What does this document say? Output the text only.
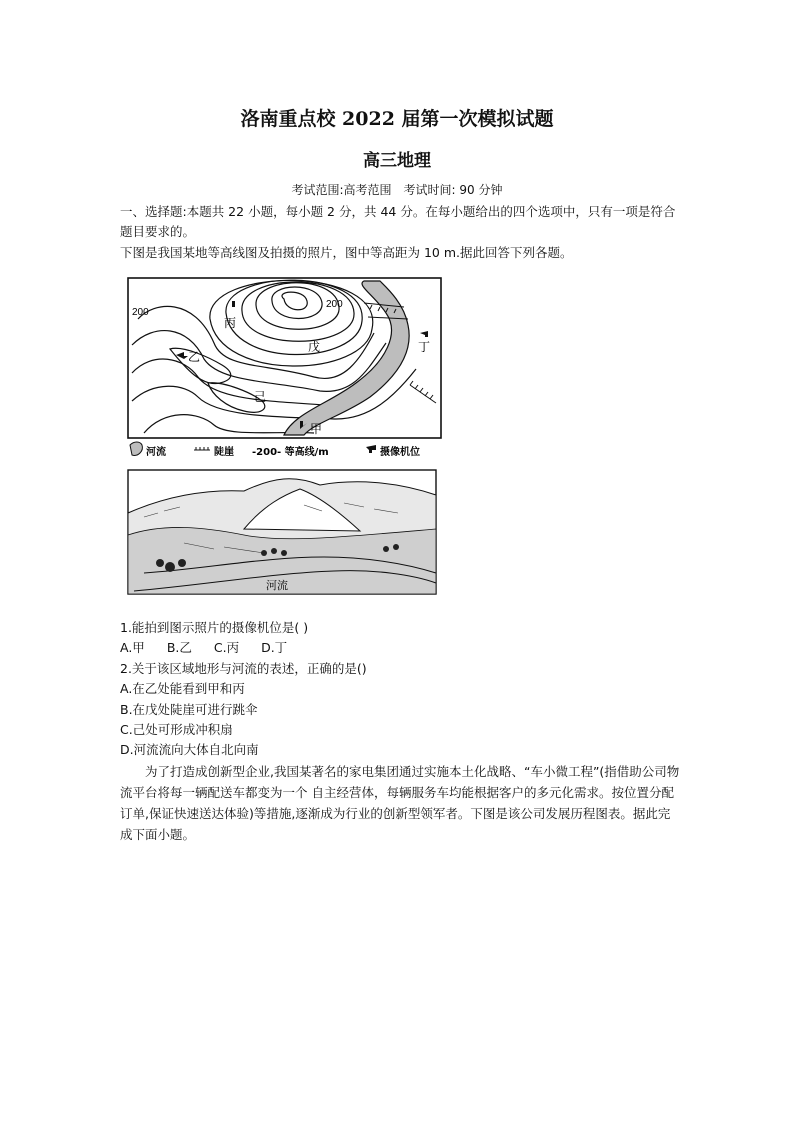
洛南重点校 2022 届第一次模拟试题
高三地理
考试范围:高考范围　考试时间: 90 分钟
一、选择题:本题共 22 小题，每小题 2 分，共 44 分。在每小题给出的四个选项中，只有一项是符合题目要求的。
下图是我国某地等高线图及拍摄的照片，图中等高距为 10 m.据此回答下列各题。
200
200
丙
乙
戊
己
丁
甲
河流	陡崖 -200- 等高线/m	摄像机位
河流
1.能拍到图示照片的摄像机位是( )
A.甲 B.乙 C.丙 D.丁
2.关于该区域地形与河流的表述，正确的是()
A.在乙处能看到甲和丙
B.在戊处陡崖可进行跳伞
C.己处可形成冲积扇
D.河流流向大体自北向南
为了打造成创新型企业,我国某著名的家电集团通过实施本土化战略、“车小微工程”(指借助公司物流平台将每一辆配送车都变为一个 自主经营体，每辆服务车均能根据客户的多元化需求。按位置分配订单,保证快速送达体验)等措施,逐渐成为行业的创新型领军者。下图是该公司发展历程图表。据此完成下面小题。
